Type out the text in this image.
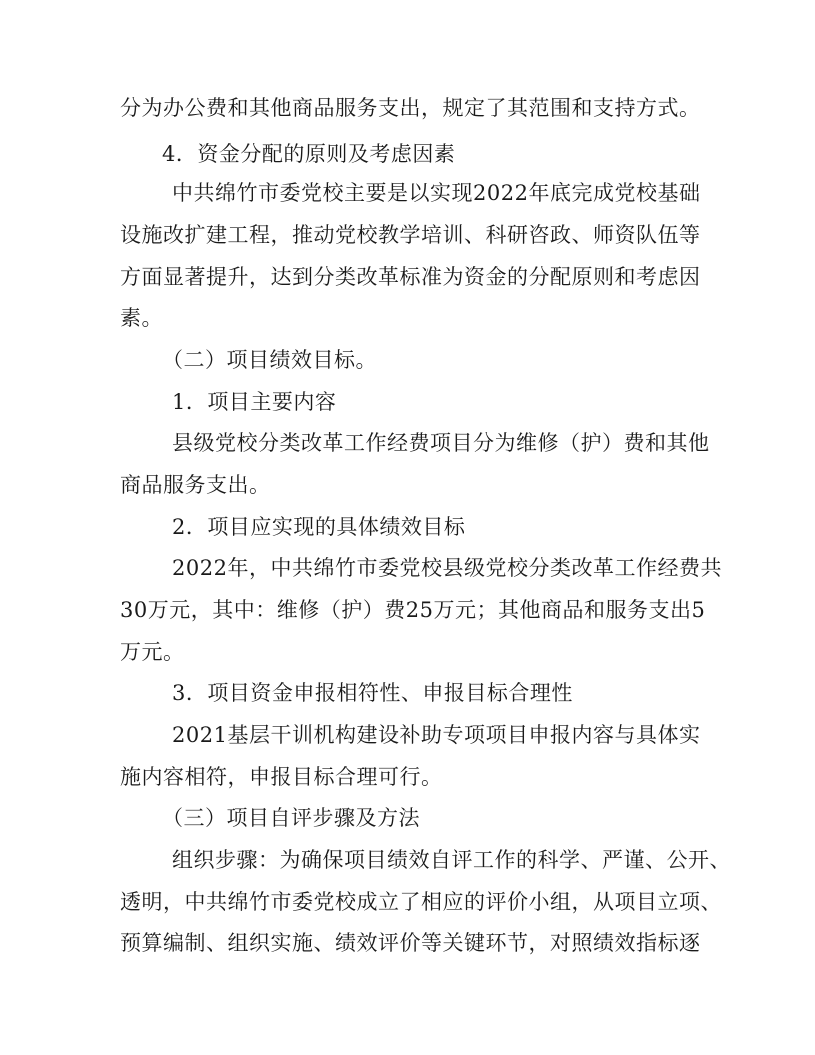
分为办公费和其他商品服务支出，规定了其范围和支持方式。
4．资金分配的原则及考虑因素
中共绵竹市委党校主要是以实现2022年底完成党校基础
设施改扩建工程，推动党校教学培训、科研咨政、师资队伍等
方面显著提升，达到分类改革标准为资金的分配原则和考虑因
素。
（二）项目绩效目标。
1．项目主要内容
县级党校分类改革工作经费项目分为维修（护）费和其他
商品服务支出。
2．项目应实现的具体绩效目标
2022年，中共绵竹市委党校县级党校分类改革工作经费共
30万元，其中：维修（护）费25万元；其他商品和服务支出5
万元。
3．项目资金申报相符性、申报目标合理性
2021基层干训机构建设补助专项项目申报内容与具体实
施内容相符，申报目标合理可行。
（三）项目自评步骤及方法
组织步骤：为确保项目绩效自评工作的科学、严谨、公开、
透明，中共绵竹市委党校成立了相应的评价小组，从项目立项、
预算编制、组织实施、绩效评价等关键环节，对照绩效指标逐
